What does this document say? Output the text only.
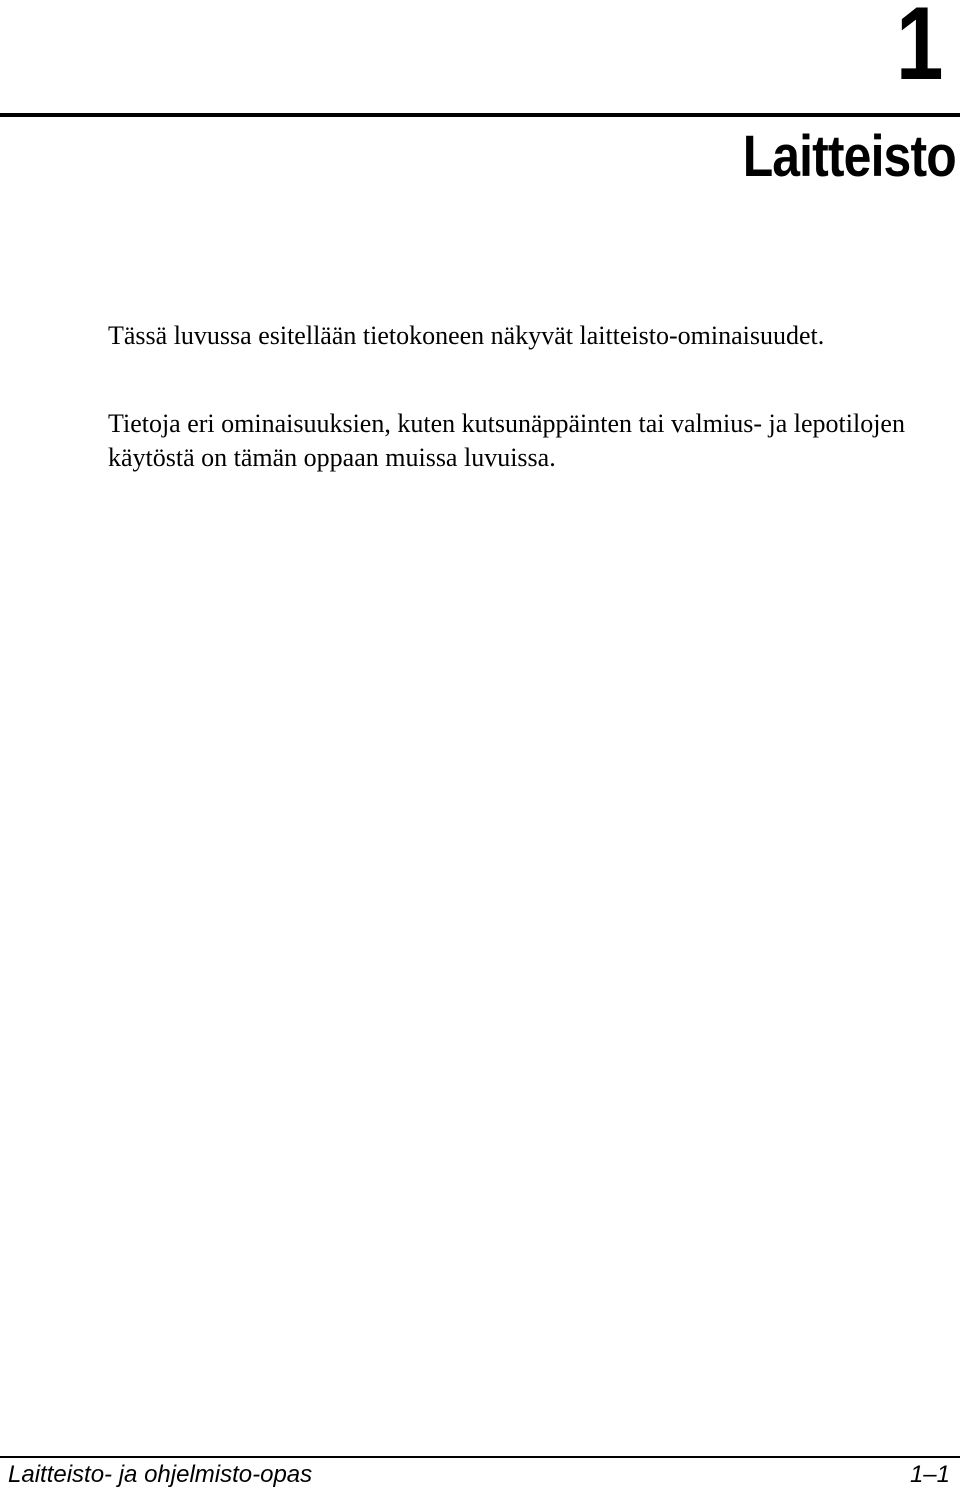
1
Laitteisto

Tässä luvussa esitellään tietokoneen näkyvät laitteisto-ominaisuudet.

Tietoja eri ominaisuuksien, kuten kutsunäppäinten tai valmius- ja lepotilojen käytöstä on tämän oppaan muissa luvuissa.

Laitteisto- ja ohjelmisto-opas	1–1
